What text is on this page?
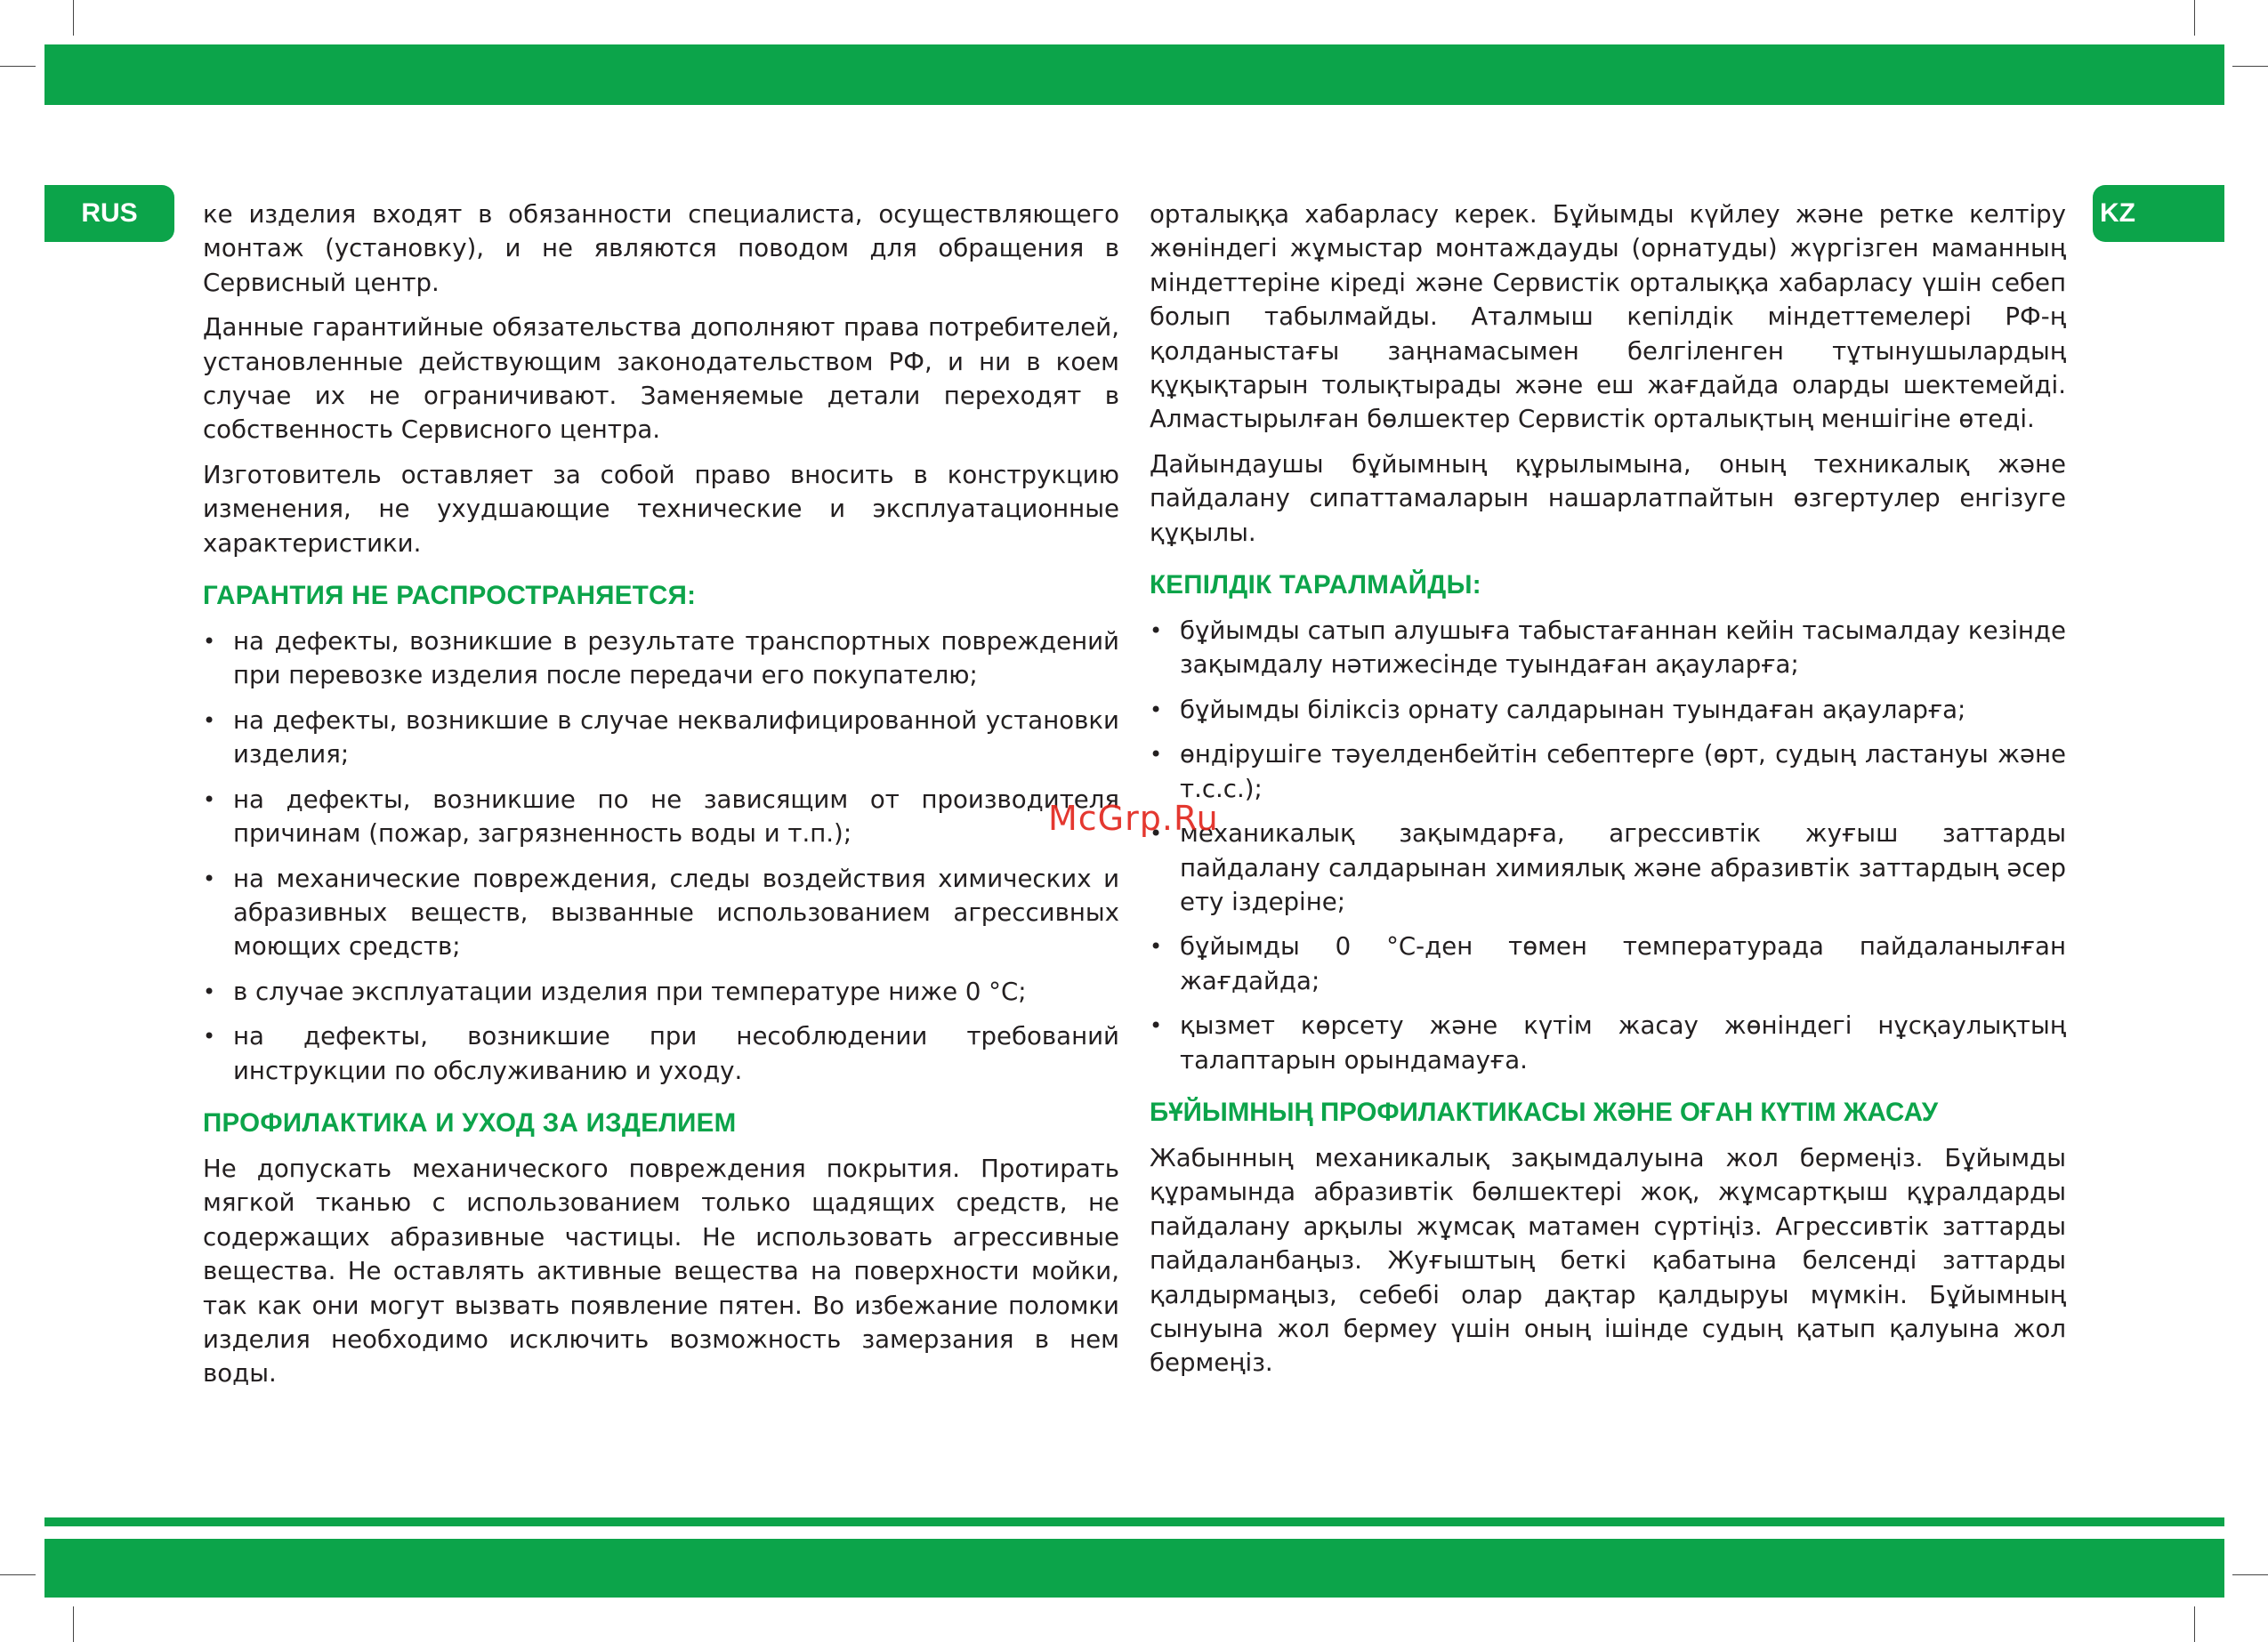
RUS	KZ

ке изделия входят в обязанности специалиста, осуществляющего монтаж (установку), и не являются поводом для обращения в Сервисный центр.

Данные гарантийные обязательства дополняют права потребителей, установленные действующим законодательством РФ, и ни в коем случае их не ограничивают. Заменяемые детали переходят в собственность Сервисного центра.

Изготовитель оставляет за собой право вносить в конструкцию изменения, не ухудшающие технические и эксплуатационные характеристики.

ГАРАНТИЯ НЕ РАСПРОСТРАНЯЕТСЯ:
• на дефекты, возникшие в результате транспортных повреждений при перевозке изделия после передачи его покупателю;
• на дефекты, возникшие в случае неквалифицированной установки изделия;
• на дефекты, возникшие по не зависящим от производителя причинам (пожар, загрязненность воды и т.п.);
• на механические повреждения, следы воздействия химических и абразивных веществ, вызванные использованием агрессивных моющих средств;
• в случае эксплуатации изделия при температуре ниже 0 °С;
• на дефекты, возникшие при несоблюдении требований инструкции по обслуживанию и уходу.
ПРОФИЛАКТИКА И УХОД ЗА ИЗДЕЛИЕМ

Не допускать механического повреждения покрытия. Протирать мягкой тканью с использованием только щадящих средств, не содержащих абразивные частицы. Не использовать агрессивные вещества. Не оставлять активные вещества на поверхности мойки, так как они могут вызвать появление пятен. Во избежание поломки изделия необходимо исключить возможность замерзания в нем воды.

орталыққа хабарласу керек. Бұйымды күйлеу және ретке келтіру жөніндегі жұмыстар монтаждауды (орнатуды) жүргізген маманның міндеттеріне кіреді және Сервистік орталыққа хабарласу үшін себеп болып табылмайды. Аталмыш кепілдік міндеттемелері РФ-ң қолданыстағы заңнамасымен белгіленген тұтынушылардың құқықтарын толықтырады және еш жағдайда оларды шектемейді. Алмастырылған бөлшектер Сервистік орталықтың меншігіне өтеді.

Дайындаушы бұйымның құрылымына, оның техникалық және пайдалану сипаттамаларын нашарлатпайтын өзгертулер енгізуге құқылы.

КЕПІЛДІК ТАРАЛМАЙДЫ:
• бұйымды сатып алушыға табыстағаннан кейін тасымалдау кезінде зақымдалу нәтижесінде туындаған ақауларға;
• бұйымды біліксіз орнату салдарынан туындаған ақауларға;
• өндірушіге тәуелденбейтін себептерге (өрт, судың ластануы және т.с.с.);
• механикалық зақымдарға, агрессивтік жуғыш заттарды пайдалану салдарынан химиялық және абразивтік заттардың әсер ету іздеріне;
• бұйымды 0 °С-ден төмен температурада пайдаланылған жағдайда;
• қызмет көрсету және күтім жасау жөніндегі нұсқаулықтың талаптарын орындамауға.
БҰЙЫМНЫҢ ПРОФИЛАКТИКАСЫ ЖӘНЕ ОҒАН КҮТІМ ЖАСАУ

Жабынның механикалық зақымдалуына жол бермеңіз. Бұйымды құрамында абразивтік бөлшектері жоқ, жұмсартқыш құралдарды пайдалану арқылы жұмсақ матамен сүртіңіз. Агрессивтік заттарды пайдаланбаңыз. Жуғыштың беткі қабатына белсенді заттарды қалдырмаңыз, себебі олар дақтар қалдыруы мүмкін. Бұйымның сынуына жол бермеу үшін оның ішінде судың қатып қалуына жол бермеңіз.

McGrp.Ru
